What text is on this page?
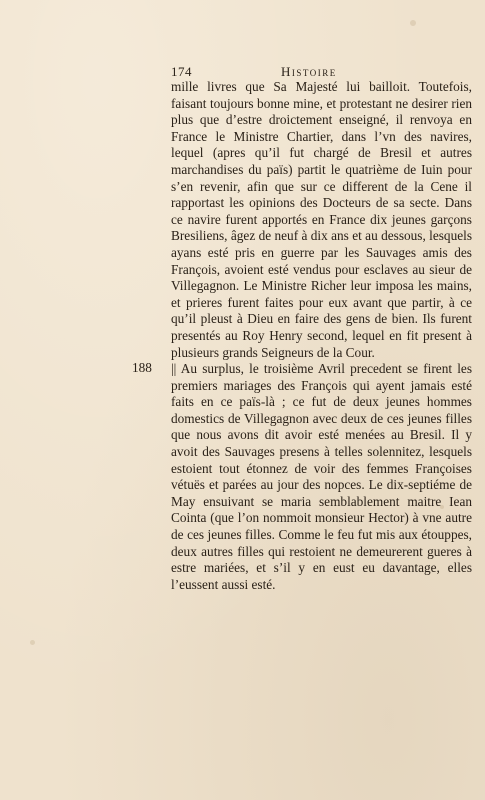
174	Histoire
188

mille livres que Sa Majesté lui bailloit. Toutefois, faisant toujours bonne mine, et protestant ne desirer rien plus que d’estre droictement enseigné, il renvoya en France le Ministre Chartier, dans l’vn des navires, lequel (apres qu’il fut chargé de Bresil et autres marchandises du païs) partit le quatrième de Iuin pour s’en revenir, afin que sur ce different de la Cene il rapportast les opinions des Docteurs de sa secte. Dans ce navire furent apportés en France dix jeunes garçons Bresiliens, âgez de neuf à dix ans et au dessous, lesquels ayans esté pris en guerre par les Sauvages amis des François, avoient esté vendus pour esclaves au sieur de Villegagnon. Le Ministre Richer leur imposa les mains, et prieres furent faites pour eux avant que partir, à ce qu’il pleust à Dieu en faire des gens de bien. Ils furent presentés au Roy Henry second, lequel en fit present à plusieurs grands Seigneurs de la Cour.

|| Au surplus, le troisième Avril precedent se firent les premiers mariages des François qui ayent jamais esté faits en ce païs-là ; ce fut de deux jeunes hommes domestics de Villegagnon avec deux de ces jeunes filles que nous avons dit avoir esté menées au Bresil. Il y avoit des Sauvages presens à telles solennitez, lesquels estoient tout étonnez de voir des femmes Françoises vétuës et parées au jour des nopces. Le dix-septiéme de May ensuivant se maria semblablement maitre Iean Cointa (que l’on nommoit monsieur Hector) à vne autre de ces jeunes filles. Comme le feu fut mis aux étouppes, deux autres filles qui restoient ne demeurerent gueres à estre mariées, et s’il y en eust eu davantage, elles l’eussent aussi esté.
